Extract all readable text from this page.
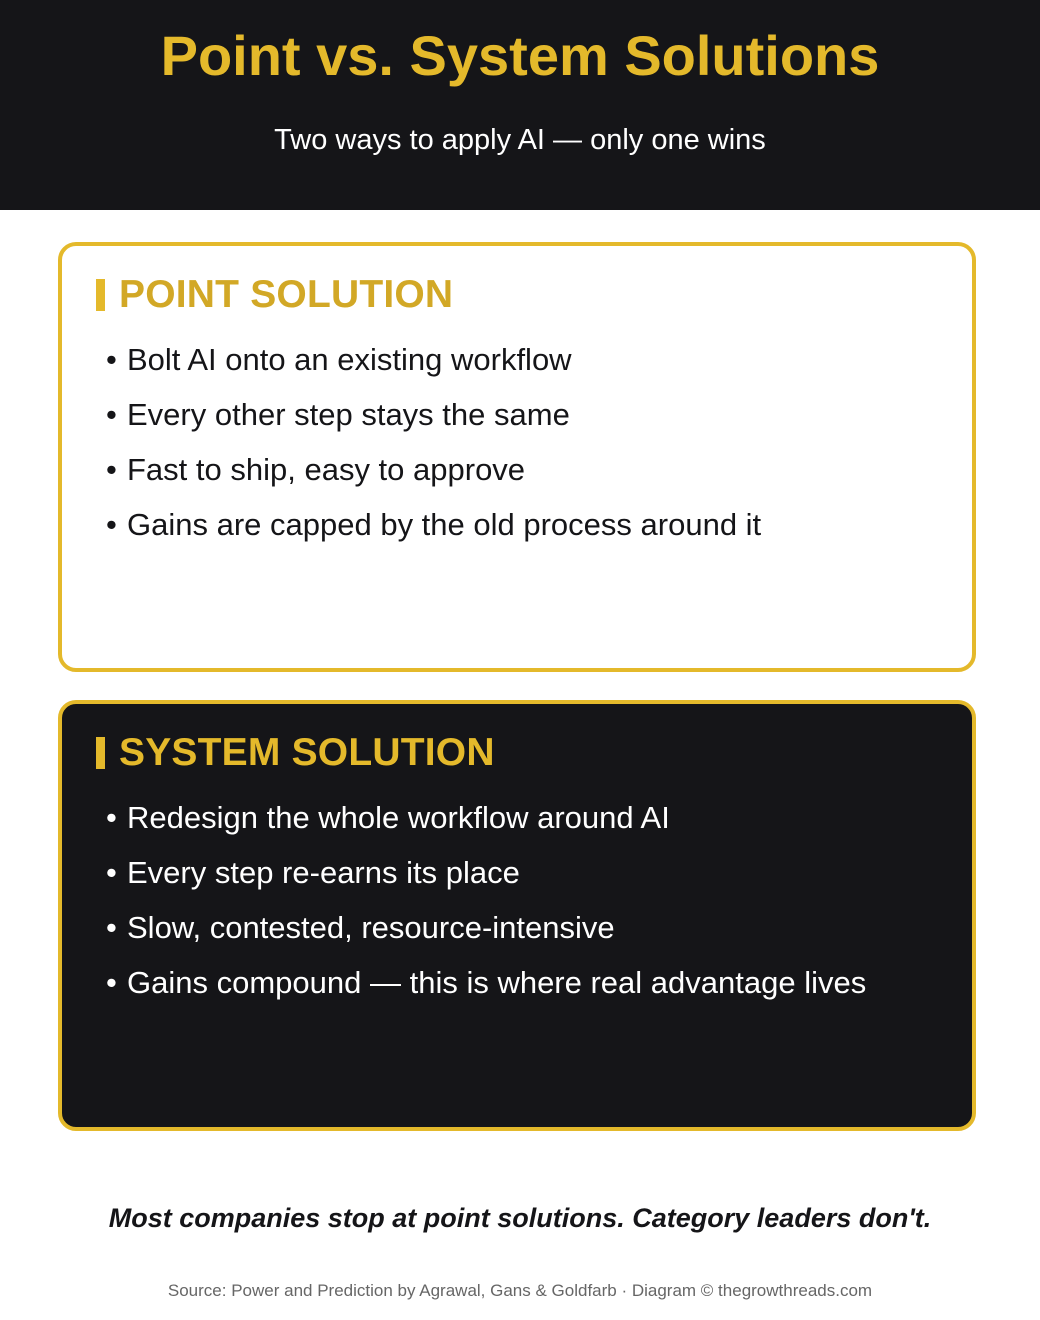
Point vs. System Solutions

Two ways to apply AI — only one wins

POINT SOLUTION
• Bolt AI onto an existing workflow
• Every other step stays the same
• Fast to ship, easy to approve
• Gains are capped by the old process around it
SYSTEM SOLUTION
• Redesign the whole workflow around AI
• Every step re-earns its place
• Slow, contested, resource-intensive
• Gains compound — this is where real advantage lives

Most companies stop at point solutions. Category leaders don't.

Source: Power and Prediction by Agrawal, Gans & Goldfarb · Diagram © thegrowthreads.com
